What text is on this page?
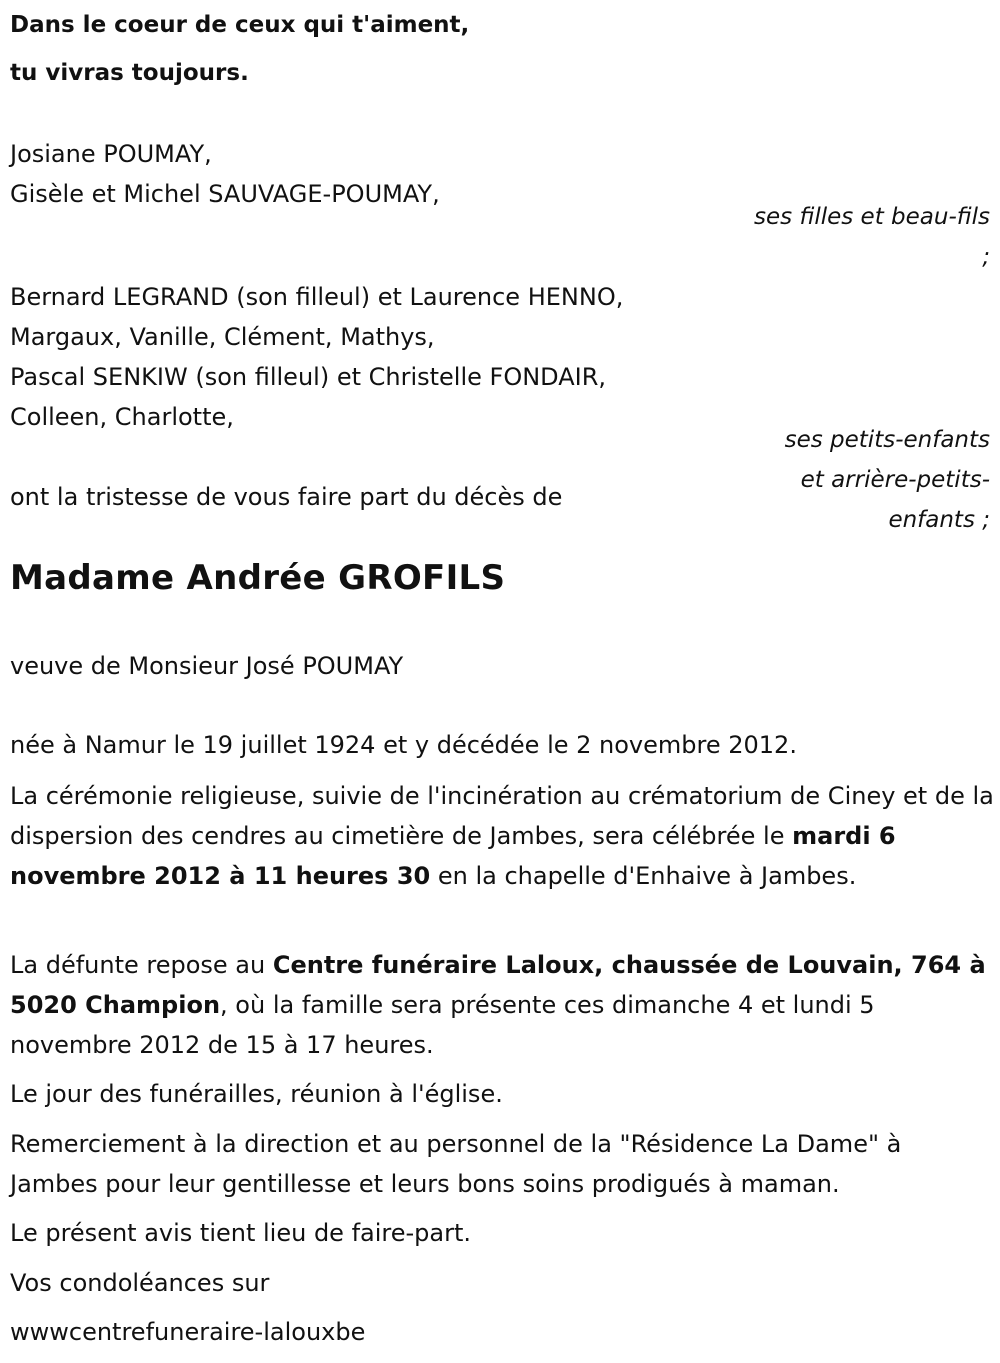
Dans le coeur de ceux qui t'aiment,
tu vivras toujours.
Josiane POUMAY,
Gisèle et Michel SAUVAGE-POUMAY,
ses filles et beau-fils
;
Bernard LEGRAND (son filleul) et Laurence HENNO,
Margaux, Vanille, Clément, Mathys,
Pascal SENKIW (son filleul) et Christelle FONDAIR,
Colleen, Charlotte,
ses petits-enfants
et arrière-petits-
enfants ;
ont la tristesse de vous faire part du décès de
Madame Andrée GROFILS
veuve de Monsieur José POUMAY
née à Namur le 19 juillet 1924 et y décédée le 2 novembre 2012.
La cérémonie religieuse, suivie de l'incinération au crématorium de Ciney et de la dispersion des cendres au cimetière de Jambes, sera célébrée le mardi 6 novembre 2012 à 11 heures 30 en la chapelle d'Enhaive à Jambes.
La défunte repose au Centre funéraire Laloux, chaussée de Louvain, 764 à 5020 Champion, où la famille sera présente ces dimanche 4 et lundi 5 novembre 2012 de 15 à 17 heures.
Le jour des funérailles, réunion à l'église.
Remerciement à la direction et au personnel de la "Résidence La Dame" à Jambes pour leur gentillesse et leurs bons soins prodigués à maman.
Le présent avis tient lieu de faire-part.
Vos condoléances sur
wwwcentrefuneraire-lalouxbe
